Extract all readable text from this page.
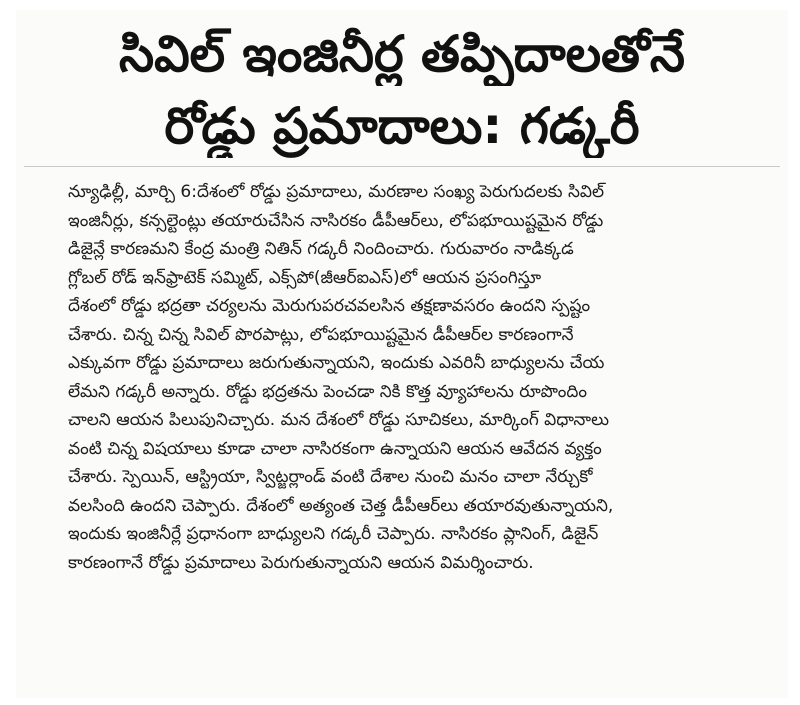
సివిల్ ఇంజినీర్ల తప్పిదాలతోనే
రోడ్డు ప్రమాదాలు: గడ్కరీ
న్యూఢిల్లీ, మార్చి 6:దేశంలో రోడ్డు ప్రమాదాలు, మరణాల సంఖ్య పెరుగుదలకు సివిల్
ఇంజినీర్లు, కన్సల్టెంట్లు తయారుచేసిన నాసిరకం డీపీఆర్‌లు, లోపభూయిష్టమైన రోడ్డు
డిజైన్లే కారణమని కేంద్ర మంత్రి నితిన్ గడ్కరీ నిందించారు. గురువారం నాడిక్కడ
గ్లోబల్ రోడ్ ఇన్‌ఫ్రాటెక్ సమ్మిట్, ఎక్స్‌పో(జీఆర్ఐఎస్)లో ఆయన ప్రసంగిస్తూ
దేశంలో రోడ్డు భద్రతా చర్యలను మెరుగుపరచవలసిన తక్షణావసరం ఉందని స్పష్టం
చేశారు. చిన్న చిన్న సివిల్ పొరపాట్లు, లోపభూయిష్టమైన డీపీఆర్‌ల కారణంగానే
ఎక్కువగా రోడ్డు ప్రమాదాలు జరుగుతున్నాయని, ఇందుకు ఎవరినీ బాధ్యులను చేయ
లేమని గడ్కరీ అన్నారు. రోడ్డు భద్రతను పెంచడా నికి కొత్త వ్యూహాలను రూపొందిం
చాలని ఆయన పిలుపునిచ్చారు. మన దేశంలో రోడ్డు సూచికలు, మార్కింగ్ విధానాలు
వంటి చిన్న విషయాలు కూడా చాలా నాసిరకంగా ఉన్నాయని ఆయన ఆవేదన వ్యక్తం
చేశారు. స్పెయిన్, ఆస్ట్రియా, స్విట్జర్లాండ్ వంటి దేశాల నుంచి మనం చాలా నేర్చుకో
వలసింది ఉందని చెప్పారు. దేశంలో అత్యంత చెత్త డీపీఆర్‌లు తయారవుతున్నాయని,
ఇందుకు ఇంజినీర్లే ప్రధానంగా బాధ్యులని గడ్కరీ చెప్పారు. నాసిరకం ప్లానింగ్, డిజైన్
కారణంగానే రోడ్డు ప్రమాదాలు పెరుగుతున్నాయని ఆయన విమర్శించారు.
